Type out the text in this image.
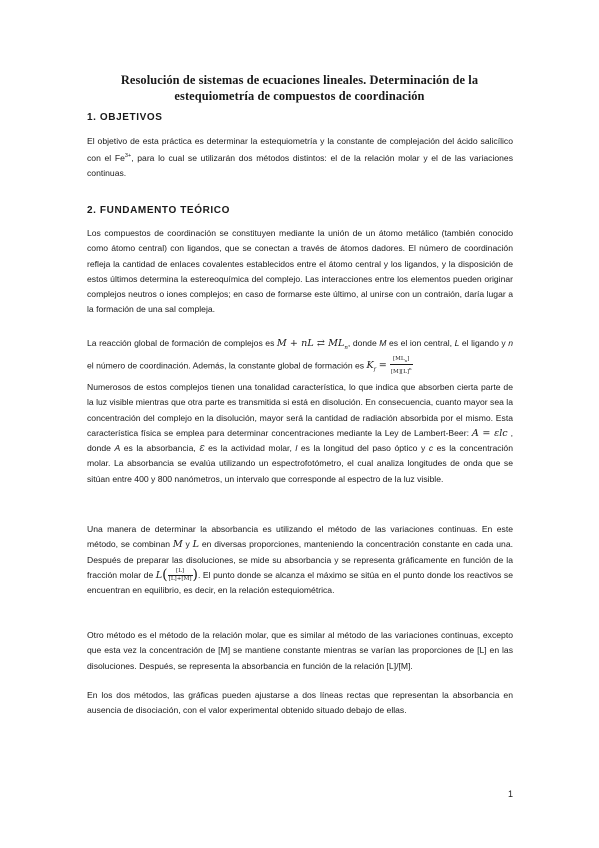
Resolución de sistemas de ecuaciones lineales. Determinación de la
estequiometría de compuestos de coordinación
1. OBJETIVOS

El objetivo de esta práctica es determinar la estequiometría y la constante de complejación del ácido salicílico con el $Fe^{3+}$, para lo cual se utilizarán dos métodos distintos: el de la relación molar y el de las variaciones continuas.

2. FUNDAMENTO TEÓRICO

Los compuestos de coordinación se constituyen mediante la unión de un átomo metálico (también conocido como átomo central) con ligandos, que se conectan a través de átomos dadores. El número de coordinación refleja la cantidad de enlaces covalentes establecidos entre el átomo central y los ligandos, y la disposición de estos últimos determina la estereoquímica del complejo. Las interacciones entre los elementos pueden originar complejos neutros o iones complejos; en caso de formarse este último, al unirse con un contraión, daría lugar a la formación de una sal compleja.

La reacción global de formación de complejos es M + nL ⇄ $ML_n$, donde M es el ion central, L el ligando y n el número de coordinación. Además, la constante global de formación es $K_f = \frac{[ML_n]}{[M][L]^n}$

Numerosos de estos complejos tienen una tonalidad característica, lo que indica que absorben cierta parte de la luz visible mientras que otra parte es transmitida si está en disolución. En consecuencia, cuanto mayor sea la concentración del complejo en la disolución, mayor será la cantidad de radiación absorbida por el mismo. Esta característica física se emplea para determinar concentraciones mediante la Ley de Lambert-Beer: A = εlc , donde A es la absorbancia, Ɛ es la actividad molar, l es la longitud del paso óptico y c es la concentración molar. La absorbancia se evalúa utilizando un espectrofotómetro, el cual analiza longitudes de onda que se sitúan entre 400 y 800 nanómetros, un intervalo que corresponde al espectro de la luz visible.

Una manera de determinar la absorbancia es utilizando el método de las variaciones continuas. En este método, se combinan M y L en diversas proporciones, manteniendo la concentración constante en cada una. Después de preparar las disoluciones, se mide su absorbancia y se representa gráficamente en función de la fracción molar de $L( \frac{[L]}{[L]+[M]}$ ). El punto donde se alcanza el máximo se sitúa en el punto donde los reactivos se encuentran en equilibrio, es decir, en la relación estequiométrica.

Otro método es el método de la relación molar, que es similar al método de las variaciones continuas, excepto que esta vez la concentración de [M] se mantiene constante mientras se varían las proporciones de [L] en las disoluciones. Después, se representa la absorbancia en función de la relación [L]/[M].

En los dos métodos, las gráficas pueden ajustarse a dos líneas rectas que representan la absorbancia en ausencia de disociación, con el valor experimental obtenido situado debajo de ellas.

1
